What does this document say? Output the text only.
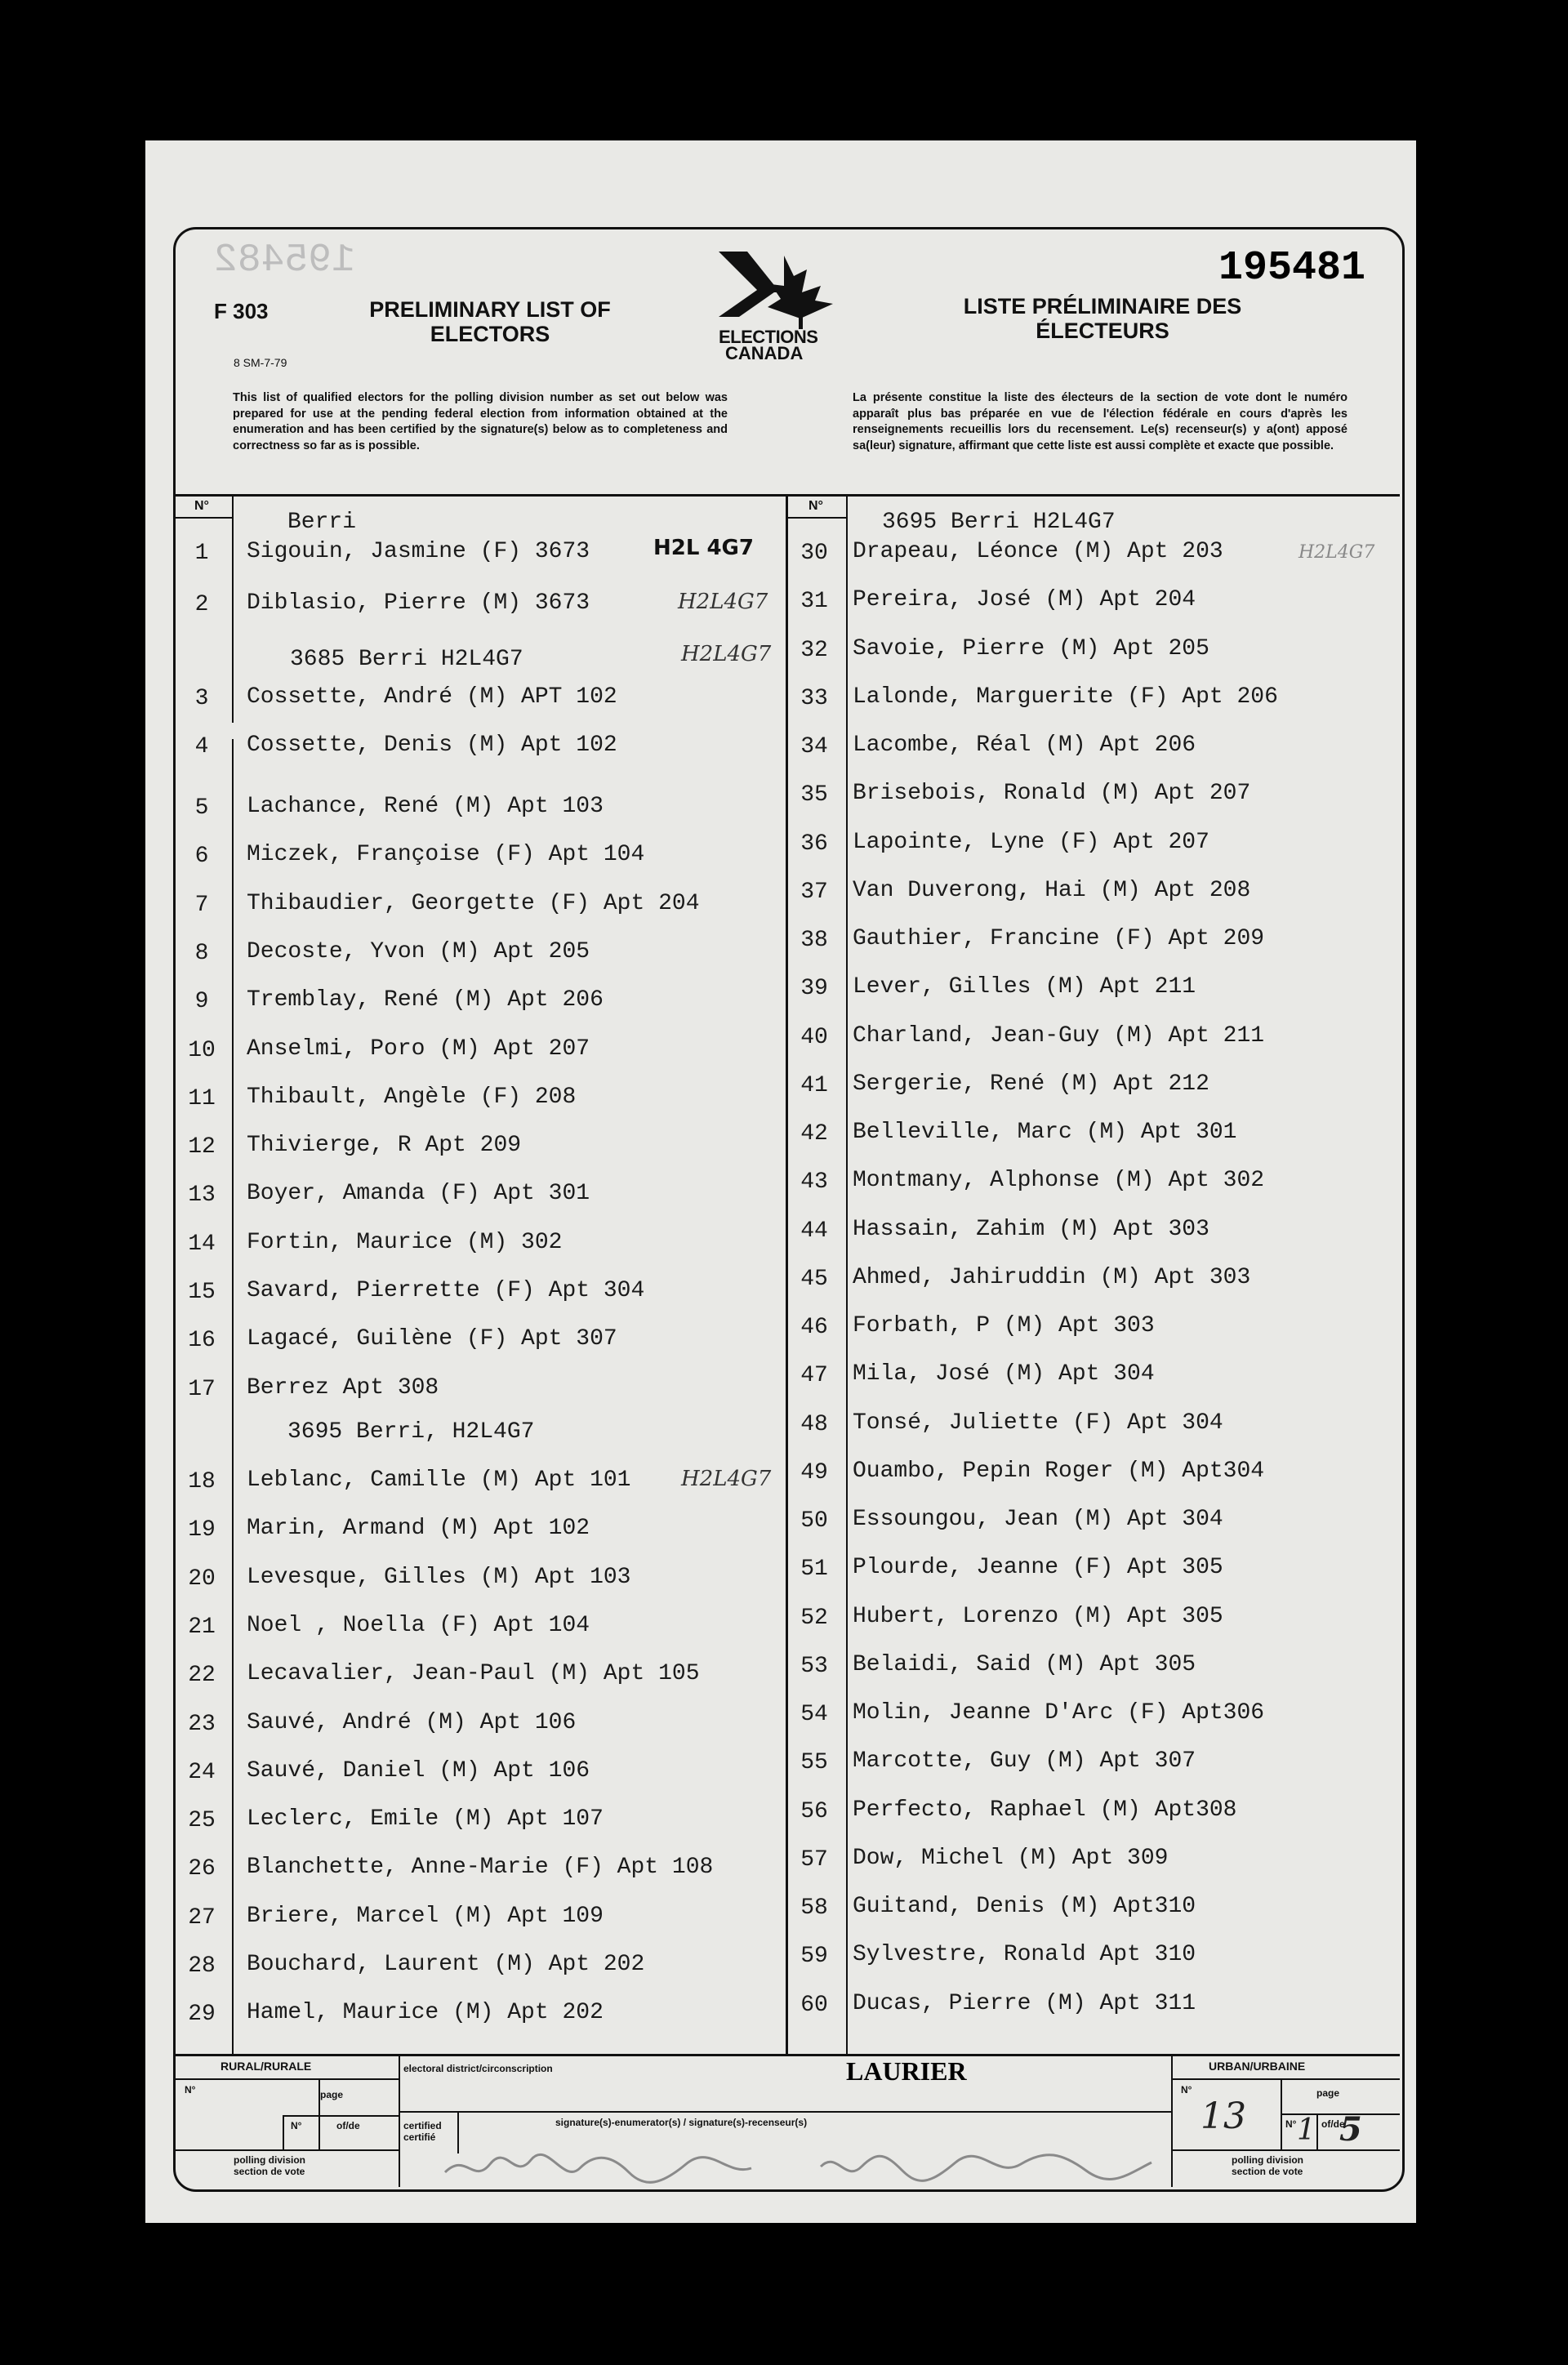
195482	195481
F 303
8 SM-7-79
PRELIMINARY LIST OF ELECTORS
LISTE PRÉLIMINAIRE DES ÉLECTEURS
ELECTIONS
CANADA
This list of qualified electors for the polling division number as set out below was prepared for use at the pending federal election from information obtained at the enumeration and has been certified by the signature(s) below as to completeness and correctness so far as is possible.
La présente constitue la liste des électeurs de la section de vote dont le numéro apparaît plus bas préparée en vue de l'élection fédérale en cours d'après les renseignements recueillis lors du recensement. Le(s) recenseur(s) y a(ont) apposé sa(leur) signature, affirmant que cette liste est aussi complète et exacte que possible.
N°	N°
Berri
3685 Berri H2L4G7
3695 Berri, H2L4G7
3695 Berri H2L4G7
H2L 4G7
H2L4G7
H2L4G7
H2L4G7
H2L4G7
1	Sigouin, Jasmine (F) 3673
2	Diblasio, Pierre (M) 3673
3	Cossette, André (M) APT 102
4	Cossette, Denis (M) Apt 102
5	Lachance, René (M) Apt 103
6	Miczek, Françoise (F) Apt 104
7	Thibaudier, Georgette (F) Apt 204
8	Decoste, Yvon (M) Apt 205
9	Tremblay, René (M) Apt 206
10	Anselmi, Poro (M) Apt 207
11	Thibault, Angèle (F) 208
12	Thivierge, R Apt 209
13	Boyer, Amanda (F) Apt 301
14	Fortin, Maurice (M) 302
15	Savard, Pierrette (F) Apt 304
16	Lagacé, Guilène (F) Apt 307
17	Berrez Apt 308
18	Leblanc, Camille (M) Apt 101
19	Marin, Armand (M) Apt 102
20	Levesque, Gilles (M) Apt 103
21	Noel , Noella (F) Apt 104
22	Lecavalier, Jean-Paul (M) Apt 105
23	Sauvé, André (M) Apt 106
24	Sauvé, Daniel (M) Apt 106
25	Leclerc, Emile (M) Apt 107
26	Blanchette, Anne-Marie (F) Apt 108
27	Briere, Marcel (M) Apt 109
28	Bouchard, Laurent (M) Apt 202
29	Hamel, Maurice (M) Apt 202
30	Drapeau, Léonce (M) Apt 203
31	Pereira, José (M) Apt 204
32	Savoie, Pierre (M) Apt 205
33	Lalonde, Marguerite (F) Apt 206
34	Lacombe, Réal (M) Apt 206
35	Brisebois, Ronald (M) Apt 207
36	Lapointe, Lyne (F) Apt 207
37	Van Duverong, Hai (M) Apt 208
38	Gauthier, Francine (F) Apt 209
39	Lever, Gilles (M) Apt 211
40	Charland, Jean-Guy (M) Apt 211
41	Sergerie, René (M) Apt 212
42	Belleville, Marc (M) Apt 301
43	Montmany, Alphonse (M) Apt 302
44	Hassain, Zahim (M) Apt 303
45	Ahmed, Jahiruddin (M) Apt 303
46	Forbath, P (M) Apt 303
47	Mila, José (M) Apt 304
48	Tonsé, Juliette (F) Apt 304
49	Ouambo, Pepin Roger (M) Apt304
50	Essoungou, Jean (M) Apt 304
51	Plourde, Jeanne (F) Apt 305
52	Hubert, Lorenzo (M) Apt 305
53	Belaidi, Said (M) Apt 305
54	Molin, Jeanne D'Arc (F) Apt306
55	Marcotte, Guy (M) Apt 307
56	Perfecto, Raphael (M) Apt308
57	Dow, Michel (M) Apt 309
58	Guitand, Denis (M) Apt310
59	Sylvestre, Ronald Apt 310
60	Ducas, Pierre (M) Apt 311
RURAL/RURALE
N°	page
N°	of/de
polling division
section de vote
electoral district/circonscription	LAURIER
certified
certifié
signature(s)-enumerator(s) / signature(s)-recenseur(s)
URBAN/URBAINE
N°
13
page
N° 1 of/de
5
polling division
section de vote
